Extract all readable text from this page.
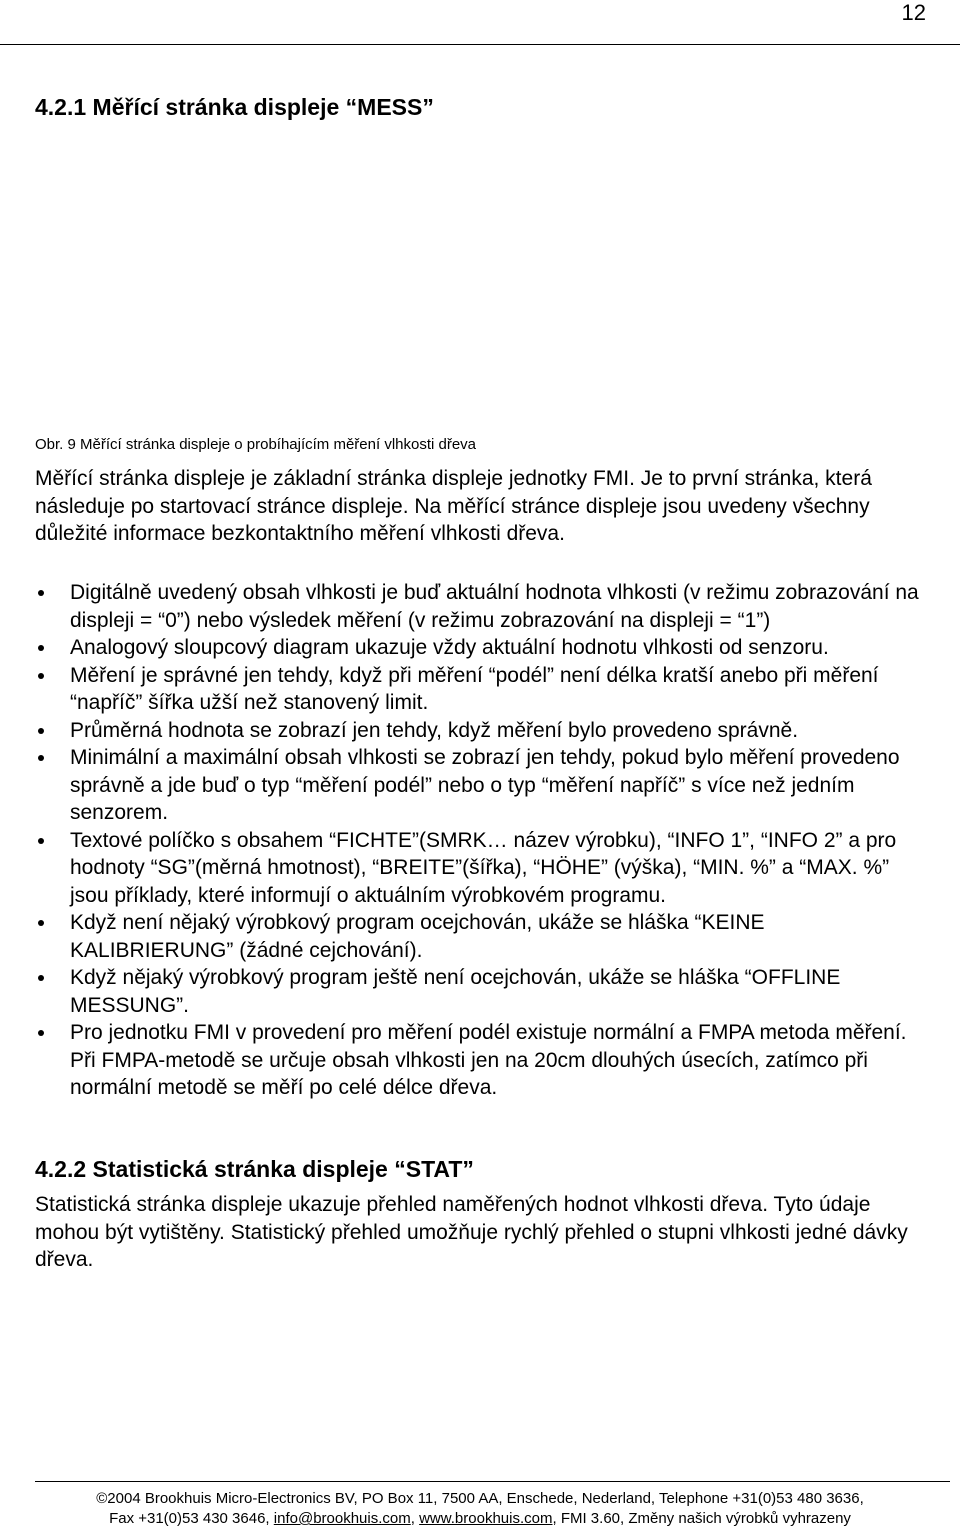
12
4.2.1 Měřící stránka displeje “MESS”
Obr. 9 Měřící stránka displeje o probíhajícím měření vlhkosti dřeva

Měřící stránka displeje je základní stránka displeje jednotky FMI. Je to první stránka, která následuje po startovací stránce displeje. Na měřící stránce displeje jsou uvedeny všechny důležité informace bezkontaktního měření vlhkosti dřeva.

Digitálně uvedený obsah vlhkosti je buď aktuální hodnota vlhkosti (v režimu zobrazování na displeji = “0”) nebo výsledek měření (v režimu zobrazování na displeji = “1”)
Analogový sloupcový diagram ukazuje vždy aktuální hodnotu vlhkosti od senzoru.
Měření je správné jen tehdy, když při měření “podél” není délka kratší anebo při měření “napříč” šířka užší než stanovený limit.
Průměrná hodnota se zobrazí jen tehdy, když měření bylo provedeno správně.
Minimální a maximální obsah vlhkosti se zobrazí jen tehdy, pokud bylo měření provedeno správně a jde buď o typ “měření podél” nebo o typ “měření napříč” s více než jedním senzorem.
Textové políčko s obsahem “FICHTE”(SMRK… název výrobku), “INFO 1”, “INFO 2” a pro hodnoty “SG”(měrná hmotnost), “BREITE”(šířka), “HÖHE” (výška), “MIN. %” a “MAX. %” jsou příklady, které informují o aktuálním výrobkovém programu.
Když není nějaký výrobkový program ocejchován, ukáže se hláška “KEINE KALIBRIERUNG” (žádné cejchování).
Když nějaký výrobkový program ještě není ocejchován, ukáže se hláška “OFFLINE MESSUNG”.
Pro jednotku FMI v provedení pro měření podél existuje normální a FMPA metoda měření. Při FMPA-metodě se určuje obsah vlhkosti jen na 20cm dlouhých úsecích, zatímco při normální metodě se měří po celé délce dřeva.
4.2.2 Statistická stránka displeje “STAT”

Statistická stránka displeje ukazuje přehled naměřených hodnot vlhkosti dřeva. Tyto údaje mohou být vytištěny. Statistický přehled umožňuje rychlý přehled o stupni vlhkosti jedné dávky dřeva.

©2004 Brookhuis Micro-Electronics BV, PO Box 11, 7500 AA, Enschede, Nederland, Telephone +31(0)53 480 3636,
Fax +31(0)53 430 3646, info@brookhuis.com, www.brookhuis.com, FMI 3.60, Změny našich výrobků vyhrazeny
